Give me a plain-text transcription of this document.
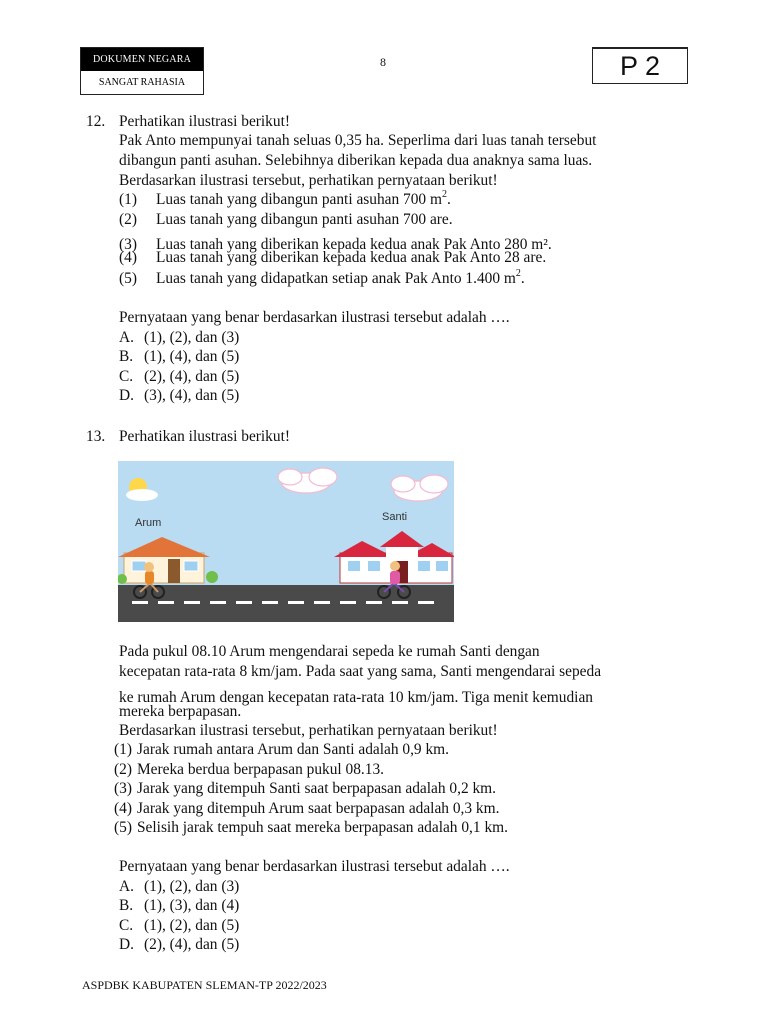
DOKUMEN NEGARA
SANGAT RAHASIA
8	P 2
12. Perhatikan ilustrasi berikut!
Pak Anto mempunyai tanah seluas 0,35 ha. Seperlima dari luas tanah tersebut
dibangun panti asuhan. Selebihnya diberikan kepada dua anaknya sama luas.
Berdasarkan ilustrasi tersebut, perhatikan pernyataan berikut!
(1) Luas tanah yang dibangun panti asuhan 700 $m^2$.
(2) Luas tanah yang dibangun panti asuhan 700 are.
(3) Luas tanah yang diberikan kepada kedua anak Pak Anto 280 m².
(4) Luas tanah yang diberikan kepada kedua anak Pak Anto 28 are.
(5) Luas tanah yang didapatkan setiap anak Pak Anto 1.400 $m^2$.
Pernyataan yang benar berdasarkan ilustrasi tersebut adalah ….
A. (1), (2), dan (3)
B. (1), (4), dan (5)
C. (2), (4), dan (5)
D. (3), (4), dan (5)
13. Perhatikan ilustrasi berikut!
Arum	Santi
Pada pukul 08.10 Arum mengendarai sepeda ke rumah Santi dengan
kecepatan rata-rata 8 km/jam. Pada saat yang sama, Santi mengendarai sepeda
ke rumah Arum dengan kecepatan rata-rata 10 km/jam. Tiga menit kemudian
mereka berpapasan.
Berdasarkan ilustrasi tersebut, perhatikan pernyataan berikut!
(1) Jarak rumah antara Arum dan Santi adalah 0,9 km.
(2) Mereka berdua berpapasan pukul 08.13.
(3) Jarak yang ditempuh Santi saat berpapasan adalah 0,2 km.
(4) Jarak yang ditempuh Arum saat berpapasan adalah 0,3 km.
(5) Selisih jarak tempuh saat mereka berpapasan adalah 0,1 km.
Pernyataan yang benar berdasarkan ilustrasi tersebut adalah ….
A. (1), (2), dan (3)
B. (1), (3), dan (4)
C. (1), (2), dan (5)
D. (2), (4), dan (5)
ASPDBK KABUPATEN SLEMAN-TP 2022/2023
